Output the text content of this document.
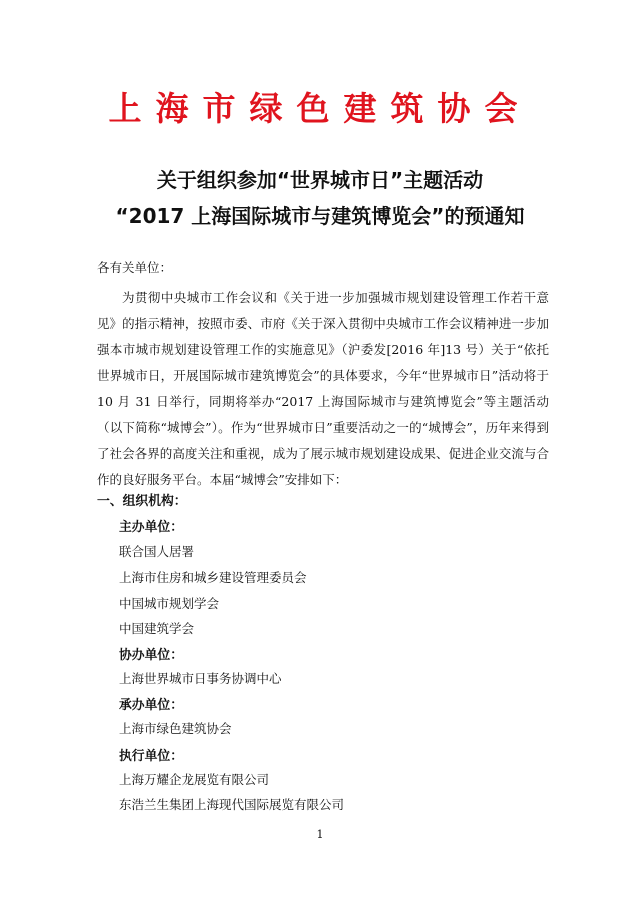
上海市绿色建筑协会
关于组织参加“世界城市日”主题活动
“2017 上海国际城市与建筑博览会”的预通知
各有关单位：
为贯彻中央城市工作会议和《关于进一步加强城市规划建设管理工作若干意见》的指示精神，按照市委、市府《关于深入贯彻中央城市工作会议精神进一步加强本市城市规划建设管理工作的实施意见》（沪委发[2016 年]13 号）关于“依托世界城市日，开展国际城市建筑博览会”的具体要求，今年“世界城市日”活动将于 10 月 31 日举行，同期将举办“2017 上海国际城市与建筑博览会”等主题活动（以下简称“城博会”）。作为“世界城市日”重要活动之一的“城博会”，历年来得到了社会各界的高度关注和重视，成为了展示城市规划建设成果、促进企业交流与合作的良好服务平台。本届“城博会”安排如下：
一、组织机构：
主办单位：
联合国人居署
上海市住房和城乡建设管理委员会
中国城市规划学会
中国建筑学会
协办单位：
上海世界城市日事务协调中心
承办单位：
上海市绿色建筑协会
执行单位：
上海万耀企龙展览有限公司
东浩兰生集团上海现代国际展览有限公司
1
